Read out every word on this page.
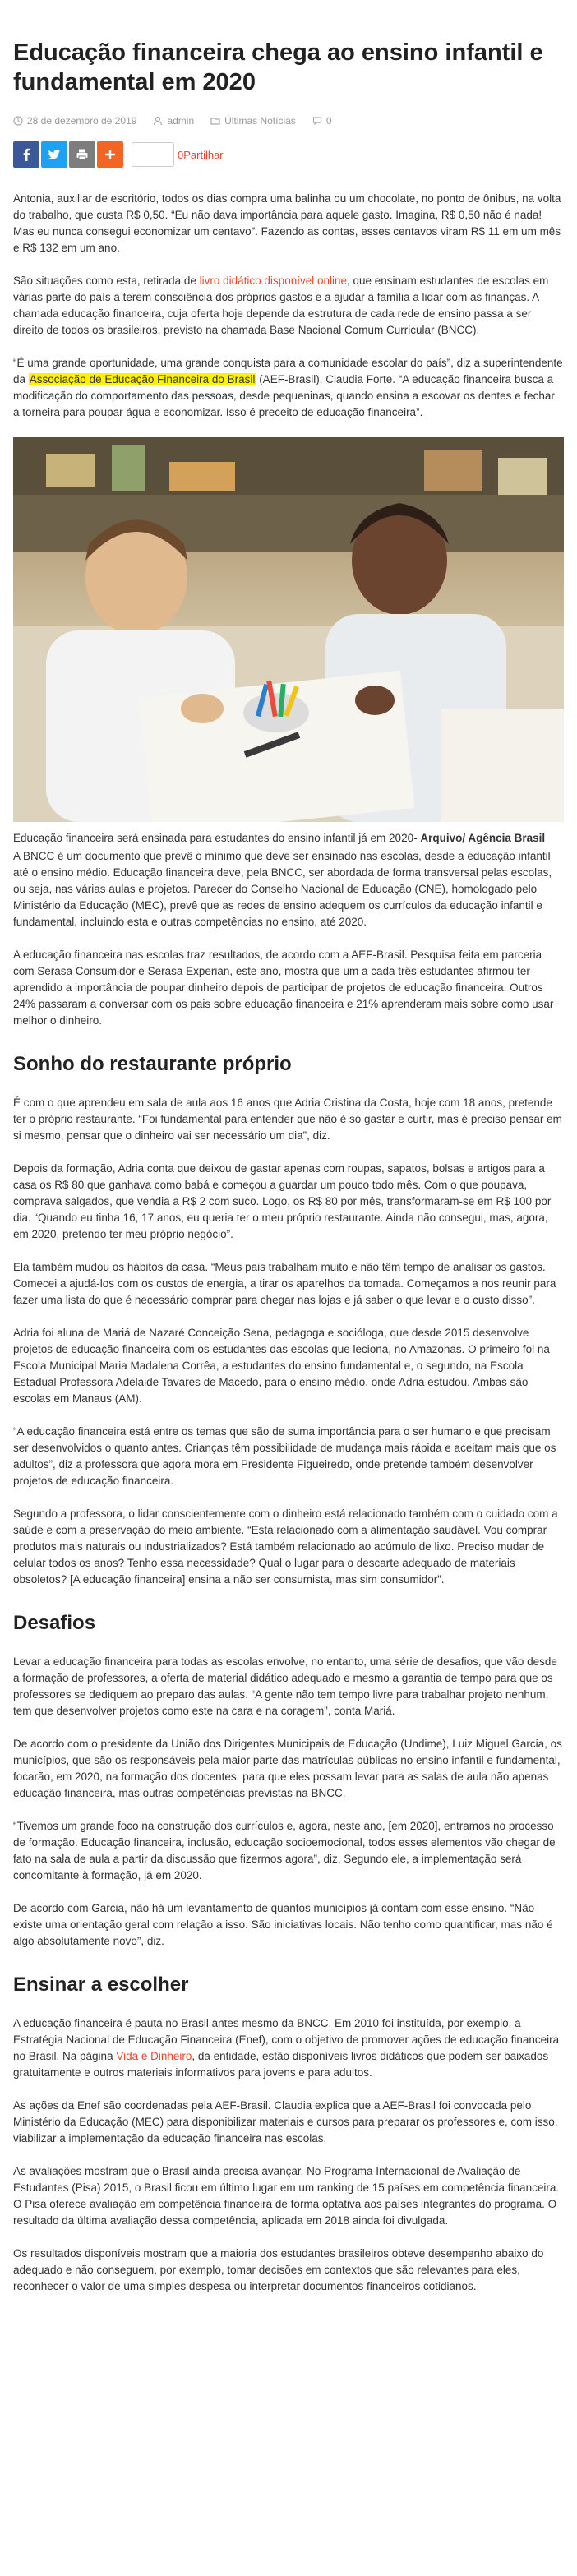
Educação financeira chega ao ensino infantil e fundamental em 2020
28 de dezembro de 2019	admin	Últimas Notícias	0
0Partilhar

Antonia, auxiliar de escritório, todos os dias compra uma balinha ou um chocolate, no ponto de ônibus, na volta do trabalho, que custa R$ 0,50. “Eu não dava importância para aquele gasto. Imagina, R$ 0,50 não é nada! Mas eu nunca consegui economizar um centavo”. Fazendo as contas, esses centavos viram R$ 11 em um mês e R$ 132 em um ano.

São situações como esta, retirada de livro didático disponível online, que ensinam estudantes de escolas em várias parte do país a terem consciência dos próprios gastos e a ajudar a família a lidar com as finanças. A chamada educação financeira, cuja oferta hoje depende da estrutura de cada rede de ensino passa a ser direito de todos os brasileiros, previsto na chamada Base Nacional Comum Curricular (BNCC).

“É uma grande oportunidade, uma grande conquista para a comunidade escolar do país”, diz a superintendente da Associação de Educação Financeira do Brasil (AEF-Brasil), Claudia Forte. “A educação financeira busca a modificação do comportamento das pessoas, desde pequeninas, quando ensina a escovar os dentes e fechar a torneira para poupar água e economizar. Isso é preceito de educação financeira”.

Educação financeira será ensinada para estudantes do ensino infantil já em 2020- Arquivo/ Agência Brasil

A BNCC é um documento que prevê o mínimo que deve ser ensinado nas escolas, desde a educação infantil até o ensino médio. Educação financeira deve, pela BNCC, ser abordada de forma transversal pelas escolas, ou seja, nas várias aulas e projetos. Parecer do Conselho Nacional de Educação (CNE), homologado pelo Ministério da Educação (MEC), prevê que as redes de ensino adequem os currículos da educação infantil e fundamental, incluindo esta e outras competências no ensino, até 2020.

A educação financeira nas escolas traz resultados, de acordo com a AEF-Brasil. Pesquisa feita em parceria com Serasa Consumidor e Serasa Experian, este ano, mostra que um a cada três estudantes afirmou ter aprendido a importância de poupar dinheiro depois de participar de projetos de educação financeira. Outros 24% passaram a conversar com os pais sobre educação financeira e 21% aprenderam mais sobre como usar melhor o dinheiro.

Sonho do restaurante próprio

É com o que aprendeu em sala de aula aos 16 anos que Adria Cristina da Costa, hoje com 18 anos, pretende ter o próprio restaurante. “Foi fundamental para entender que não é só gastar e curtir, mas é preciso pensar em si mesmo, pensar que o dinheiro vai ser necessário um dia”, diz.

Depois da formação, Adria conta que deixou de gastar apenas com roupas, sapatos, bolsas e artigos para a casa os R$ 80 que ganhava como babá e começou a guardar um pouco todo mês. Com o que poupava, comprava salgados, que vendia a R$ 2 com suco. Logo, os R$ 80 por mês, transformaram-se em R$ 100 por dia. “Quando eu tinha 16, 17 anos, eu queria ter o meu próprio restaurante. Ainda não consegui, mas, agora, em 2020, pretendo ter meu próprio negócio”.

Ela também mudou os hábitos da casa. “Meus pais trabalham muito e não têm tempo de analisar os gastos. Comecei a ajudá-los com os custos de energia, a tirar os aparelhos da tomada. Começamos a nos reunir para fazer uma lista do que é necessário comprar para chegar nas lojas e já saber o que levar e o custo disso”.

Adria foi aluna de Mariá de Nazaré Conceição Sena, pedagoga e socióloga, que desde 2015 desenvolve projetos de educação financeira com os estudantes das escolas que leciona, no Amazonas. O primeiro foi na Escola Municipal Maria Madalena Corrêa, a estudantes do ensino fundamental e, o segundo, na Escola Estadual Professora Adelaide Tavares de Macedo, para o ensino médio, onde Adria estudou. Ambas são escolas em Manaus (AM).

“A educação financeira está entre os temas que são de suma importância para o ser humano e que precisam ser desenvolvidos o quanto antes. Crianças têm possibilidade de mudança mais rápida e aceitam mais que os adultos”, diz a professora que agora mora em Presidente Figueiredo, onde pretende também desenvolver projetos de educação financeira.

Segundo a professora, o lidar conscientemente com o dinheiro está relacionado também com o cuidado com a saúde e com a preservação do meio ambiente. “Está relacionado com a alimentação saudável. Vou comprar produtos mais naturais ou industrializados? Está também relacionado ao acúmulo de lixo. Preciso mudar de celular todos os anos? Tenho essa necessidade? Qual o lugar para o descarte adequado de materiais obsoletos? [A educação financeira] ensina a não ser consumista, mas sim consumidor”.

Desafios

Levar a educação financeira para todas as escolas envolve, no entanto, uma série de desafios, que vão desde a formação de professores, a oferta de material didático adequado e mesmo a garantia de tempo para que os professores se dediquem ao preparo das aulas. “A gente não tem tempo livre para trabalhar projeto nenhum, tem que desenvolver projetos como este na cara e na coragem”, conta Mariá.

De acordo com o presidente da União dos Dirigentes Municipais de Educação (Undime), Luiz Miguel Garcia, os municípios, que são os responsáveis pela maior parte das matrículas públicas no ensino infantil e fundamental, focarão, em 2020, na formação dos docentes, para que eles possam levar para as salas de aula não apenas educação financeira, mas outras competências previstas na BNCC.

“Tivemos um grande foco na construção dos currículos e, agora, neste ano, [em 2020], entramos no processo de formação. Educação financeira, inclusão, educação socioemocional, todos esses elementos vão chegar de fato na sala de aula a partir da discussão que fizermos agora”, diz. Segundo ele, a implementação será concomitante à formação, já em 2020.

De acordo com Garcia, não há um levantamento de quantos municípios já contam com esse ensino. “Não existe uma orientação geral com relação a isso. São iniciativas locais. Não tenho como quantificar, mas não é algo absolutamente novo”, diz.

Ensinar a escolher

A educação financeira é pauta no Brasil antes mesmo da BNCC. Em 2010 foi instituída, por exemplo, a Estratégia Nacional de Educação Financeira (Enef), com o objetivo de promover ações de educação financeira no Brasil. Na página Vida e Dinheiro, da entidade, estão disponíveis livros didáticos que podem ser baixados gratuitamente e outros materiais informativos para jovens e para adultos.

As ações da Enef são coordenadas pela AEF-Brasil. Claudia explica que a AEF-Brasil foi convocada pelo Ministério da Educação (MEC) para disponibilizar materiais e cursos para preparar os professores e, com isso, viabilizar a implementação da educação financeira nas escolas.

As avaliações mostram que o Brasil ainda precisa avançar. No Programa Internacional de Avaliação de Estudantes (Pisa) 2015, o Brasil ficou em último lugar em um ranking de 15 países em competência financeira. O Pisa oferece avaliação em competência financeira de forma optativa aos países integrantes do programa. O resultado da última avaliação dessa competência, aplicada em 2018 ainda foi divulgada.

Os resultados disponíveis mostram que a maioria dos estudantes brasileiros obteve desempenho abaixo do adequado e não conseguem, por exemplo, tomar decisões em contextos que são relevantes para eles, reconhecer o valor de uma simples despesa ou interpretar documentos financeiros cotidianos.
